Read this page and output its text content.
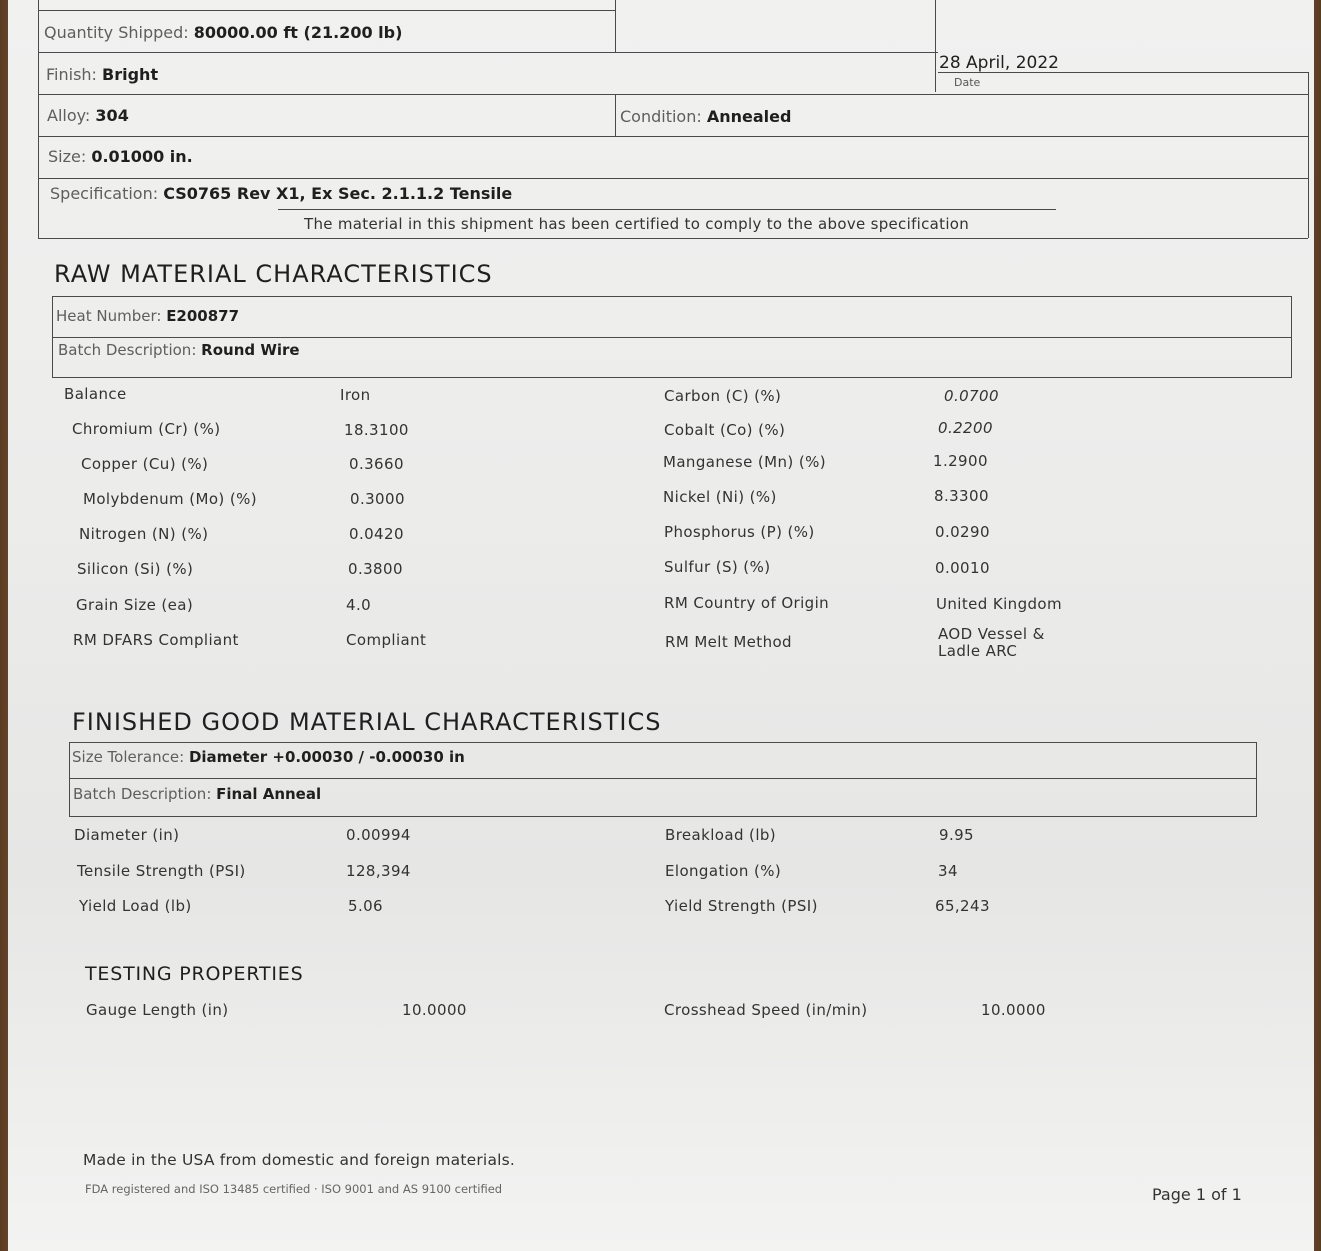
Quantity Shipped: 80000.00 ft (21.200 lb)
Finish: Bright
28 April, 2022
Date
Alloy: 304	Condition: Annealed
Size: 0.01000 in.
Specification: CS0765 Rev X1, Ex Sec. 2.1.1.2 Tensile
The material in this shipment has been certified to comply to the above specification
RAW MATERIAL CHARACTERISTICS
Heat Number: E200877
Batch Description: Round Wire
Balance	Iron	Carbon (C) (%)	0.0700
Chromium (Cr) (%)	18.3100	Cobalt (Co) (%)	0.2200
Copper (Cu) (%)	0.3660	Manganese (Mn) (%)	1.2900
Molybdenum (Mo) (%)	0.3000	Nickel (Ni) (%)	8.3300
Nitrogen (N) (%)	0.0420	Phosphorus (P) (%)	0.0290
Silicon (Si) (%)	0.3800	Sulfur (S) (%)	0.0010
Grain Size (ea)	4.0	RM Country of Origin	United Kingdom
RM DFARS Compliant	Compliant	RM Melt Method	AOD Vessel &
Ladle ARC
FINISHED GOOD MATERIAL CHARACTERISTICS
Size Tolerance: Diameter +0.00030 / -0.00030 in
Batch Description: Final Anneal
Diameter (in)	0.00994	Breakload (lb)	9.95
Tensile Strength (PSI)	128,394	Elongation (%)	34
Yield Load (lb)	5.06	Yield Strength (PSI)	65,243
TESTING PROPERTIES
Gauge Length (in)	10.0000	Crosshead Speed (in/min)	10.0000
Made in the USA from domestic and foreign materials.
FDA registered and ISO 13485 certified · ISO 9001 and AS 9100 certified	Page 1 of 1
